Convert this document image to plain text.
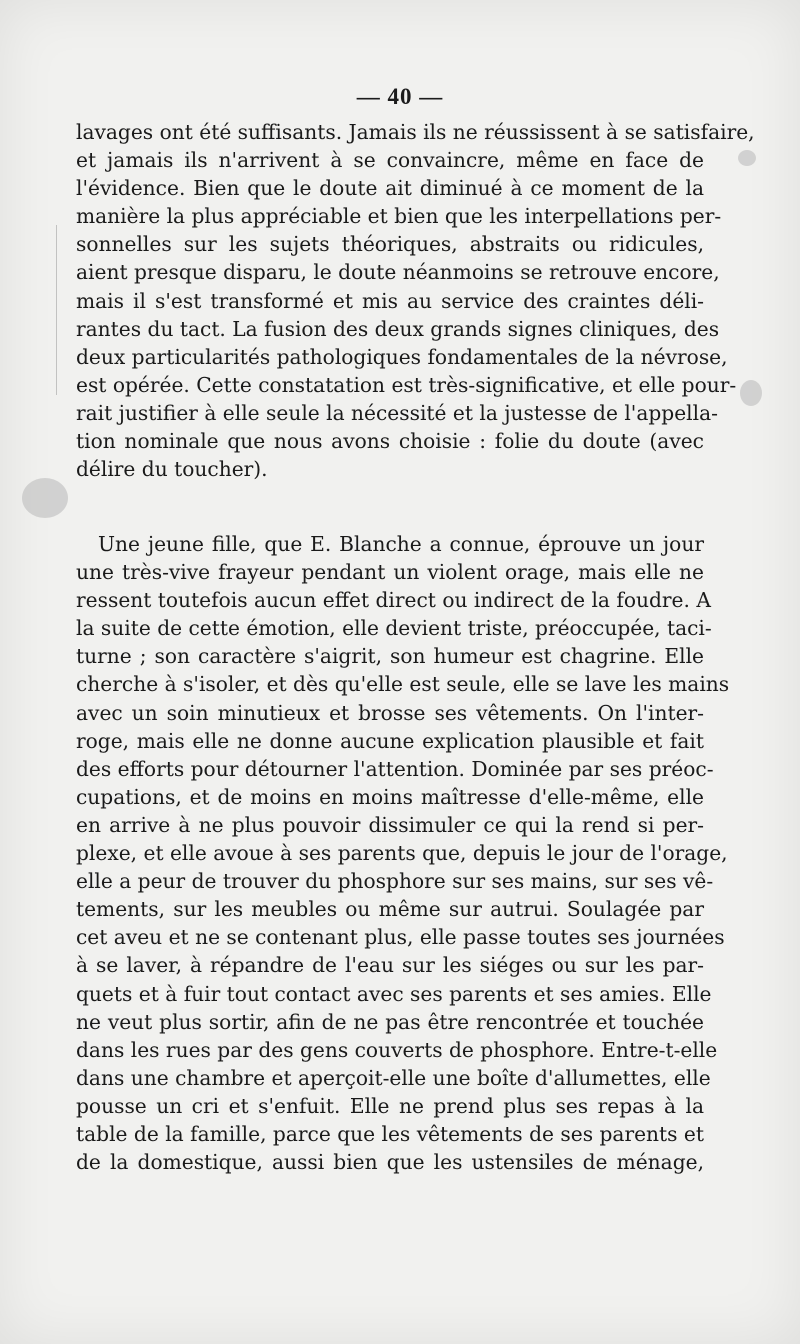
— 40 —
lavages ont été suffisants. Jamais ils ne réussissent à se satisfaire,
et jamais ils n'arrivent à se convaincre, même en face de
l'évidence. Bien que le doute ait diminué à ce moment de la
manière la plus appréciable et bien que les interpellations per-
sonnelles sur les sujets théoriques, abstraits ou ridicules,
aient presque disparu, le doute néanmoins se retrouve encore,
mais il s'est transformé et mis au service des craintes déli-
rantes du tact. La fusion des deux grands signes cliniques, des
deux particularités pathologiques fondamentales de la névrose,
est opérée. Cette constatation est très-significative, et elle pour-
rait justifier à elle seule la nécessité et la justesse de l'appella-
tion nominale que nous avons choisie : folie du doute (avec
délire du toucher).
Une jeune fille, que E. Blanche a connue, éprouve un jour
une très-vive frayeur pendant un violent orage, mais elle ne
ressent toutefois aucun effet direct ou indirect de la foudre. A
la suite de cette émotion, elle devient triste, préoccupée, taci-
turne ; son caractère s'aigrit, son humeur est chagrine. Elle
cherche à s'isoler, et dès qu'elle est seule, elle se lave les mains
avec un soin minutieux et brosse ses vêtements. On l'inter-
roge, mais elle ne donne aucune explication plausible et fait
des efforts pour détourner l'attention. Dominée par ses préoc-
cupations, et de moins en moins maîtresse d'elle-même, elle
en arrive à ne plus pouvoir dissimuler ce qui la rend si per-
plexe, et elle avoue à ses parents que, depuis le jour de l'orage,
elle a peur de trouver du phosphore sur ses mains, sur ses vê-
tements, sur les meubles ou même sur autrui. Soulagée par
cet aveu et ne se contenant plus, elle passe toutes ses journées
à se laver, à répandre de l'eau sur les siéges ou sur les par-
quets et à fuir tout contact avec ses parents et ses amies. Elle
ne veut plus sortir, afin de ne pas être rencontrée et touchée
dans les rues par des gens couverts de phosphore. Entre-t-elle
dans une chambre et aperçoit-elle une boîte d'allumettes, elle
pousse un cri et s'enfuit. Elle ne prend plus ses repas à la
table de la famille, parce que les vêtements de ses parents et
de la domestique, aussi bien que les ustensiles de ménage,
